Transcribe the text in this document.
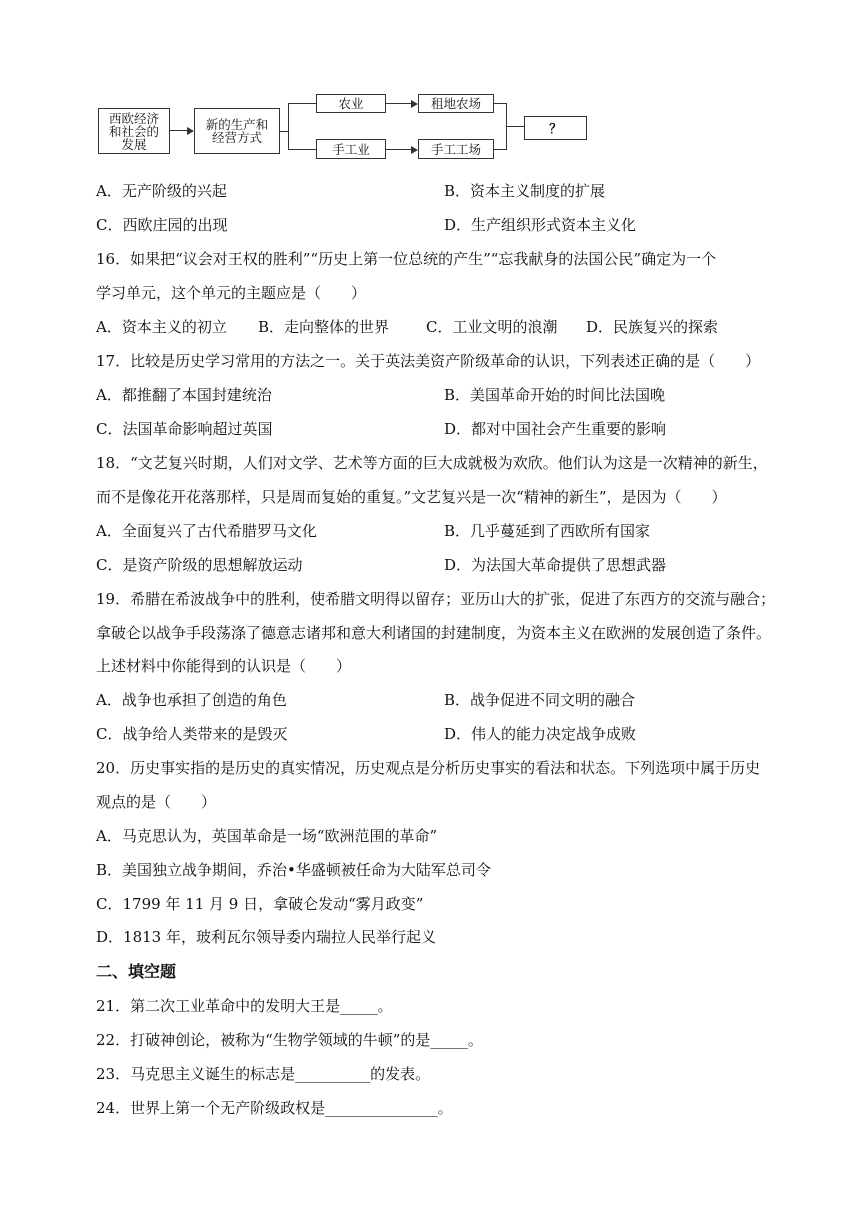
西欧经济和社会的发展
新的生产和经营方式
农业
手工业
租地农场
手工工场
？
A．无产阶级的兴起	B．资本主义制度的扩展
C．西欧庄园的出现	D．生产组织形式资本主义化
16．如果把“议会对王权的胜利”“历史上第一位总统的产生”“忘我献身的法国公民”确定为一个
学习单元，这个单元的主题应是（　　）
A．资本主义的初立 B．走向整体的世界 C．工业文明的浪潮 D．民族复兴的探索
17．比较是历史学习常用的方法之一。关于英法美资产阶级革命的认识，下列表述正确的是（　　）
A．都推翻了本国封建统治	B．美国革命开始的时间比法国晚
C．法国革命影响超过英国	D．都对中国社会产生重要的影响
18．“文艺复兴时期，人们对文学、艺术等方面的巨大成就极为欢欣。他们认为这是一次精神的新生，
而不是像花开花落那样，只是周而复始的重复。”文艺复兴是一次“精神的新生”，是因为（　　）
A．全面复兴了古代希腊罗马文化	B．几乎蔓延到了西欧所有国家
C．是资产阶级的思想解放运动	D．为法国大革命提供了思想武器
19．希腊在希波战争中的胜利，使希腊文明得以留存；亚历山大的扩张，促进了东西方的交流与融合；
拿破仑以战争手段荡涤了德意志诸邦和意大利诸国的封建制度，为资本主义在欧洲的发展创造了条件。
上述材料中你能得到的认识是（　　）
A．战争也承担了创造的角色	B．战争促进不同文明的融合
C．战争给人类带来的是毁灭	D．伟人的能力决定战争成败
20．历史事实指的是历史的真实情况，历史观点是分析历史事实的看法和状态。下列选项中属于历史
观点的是（　　）
A．马克思认为，英国革命是一场“欧洲范围的革命”
B．美国独立战争期间，乔治•华盛顿被任命为大陆军总司令
C．1799 年 11 月 9 日，拿破仑发动“雾月政变”
D．1813 年，玻利瓦尔领导委内瑞拉人民举行起义
二、填空题
21．第二次工业革命中的发明大王是_____。
22．打破神创论，被称为“生物学领域的牛顿”的是_____。
23．马克思主义诞生的标志是__________的发表。
24．世界上第一个无产阶级政权是_______________。
